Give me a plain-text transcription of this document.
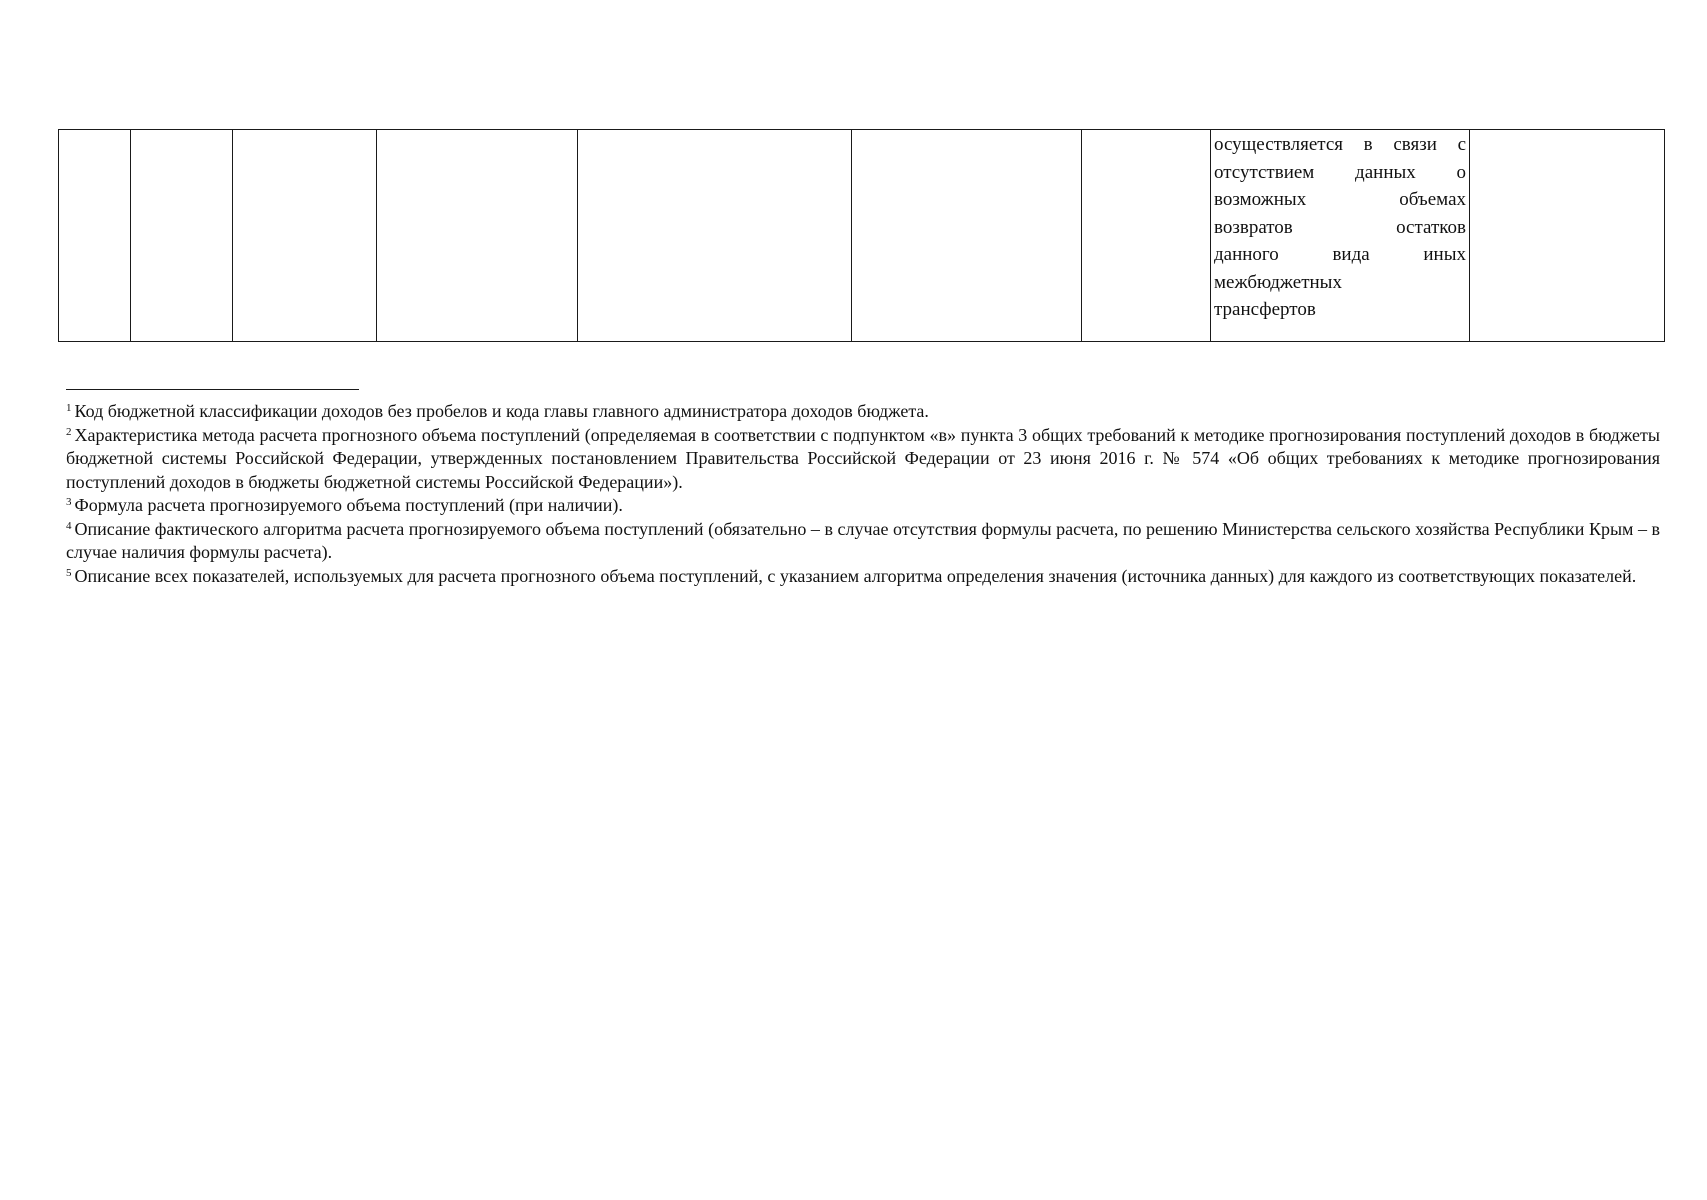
осуществляется в связи с
отсутствием данных о
возможных объемах
возвратов остатков
данного вида иных
межбюджетных
трансфертов

$^1$ Код бюджетной классификации доходов без пробелов и кода главы главного администратора доходов бюджета.

$^2$ Характеристика метода расчета прогнозного объема поступлений (определяемая в соответствии с подпунктом «в» пункта 3 общих требований к методике прогнозирования поступлений доходов в бюджеты бюджетной системы Российской Федерации, утвержденных постановлением Правительства Российской Федерации от 23 июня 2016 г. № 574 «Об общих требованиях к методике прогнозирования поступлений доходов в бюджеты бюджетной системы Российской Федерации»).

$^3$ Формула расчета прогнозируемого объема поступлений (при наличии).

$^4$ Описание фактического алгоритма расчета прогнозируемого объема поступлений (обязательно – в случае отсутствия формулы расчета, по решению Министерства сельского хозяйства Республики Крым – в случае наличия формулы расчета).

$^5$ Описание всех показателей, используемых для расчета прогнозного объема поступлений, с указанием алгоритма определения значения (источника данных) для каждого из соответствующих показателей.
